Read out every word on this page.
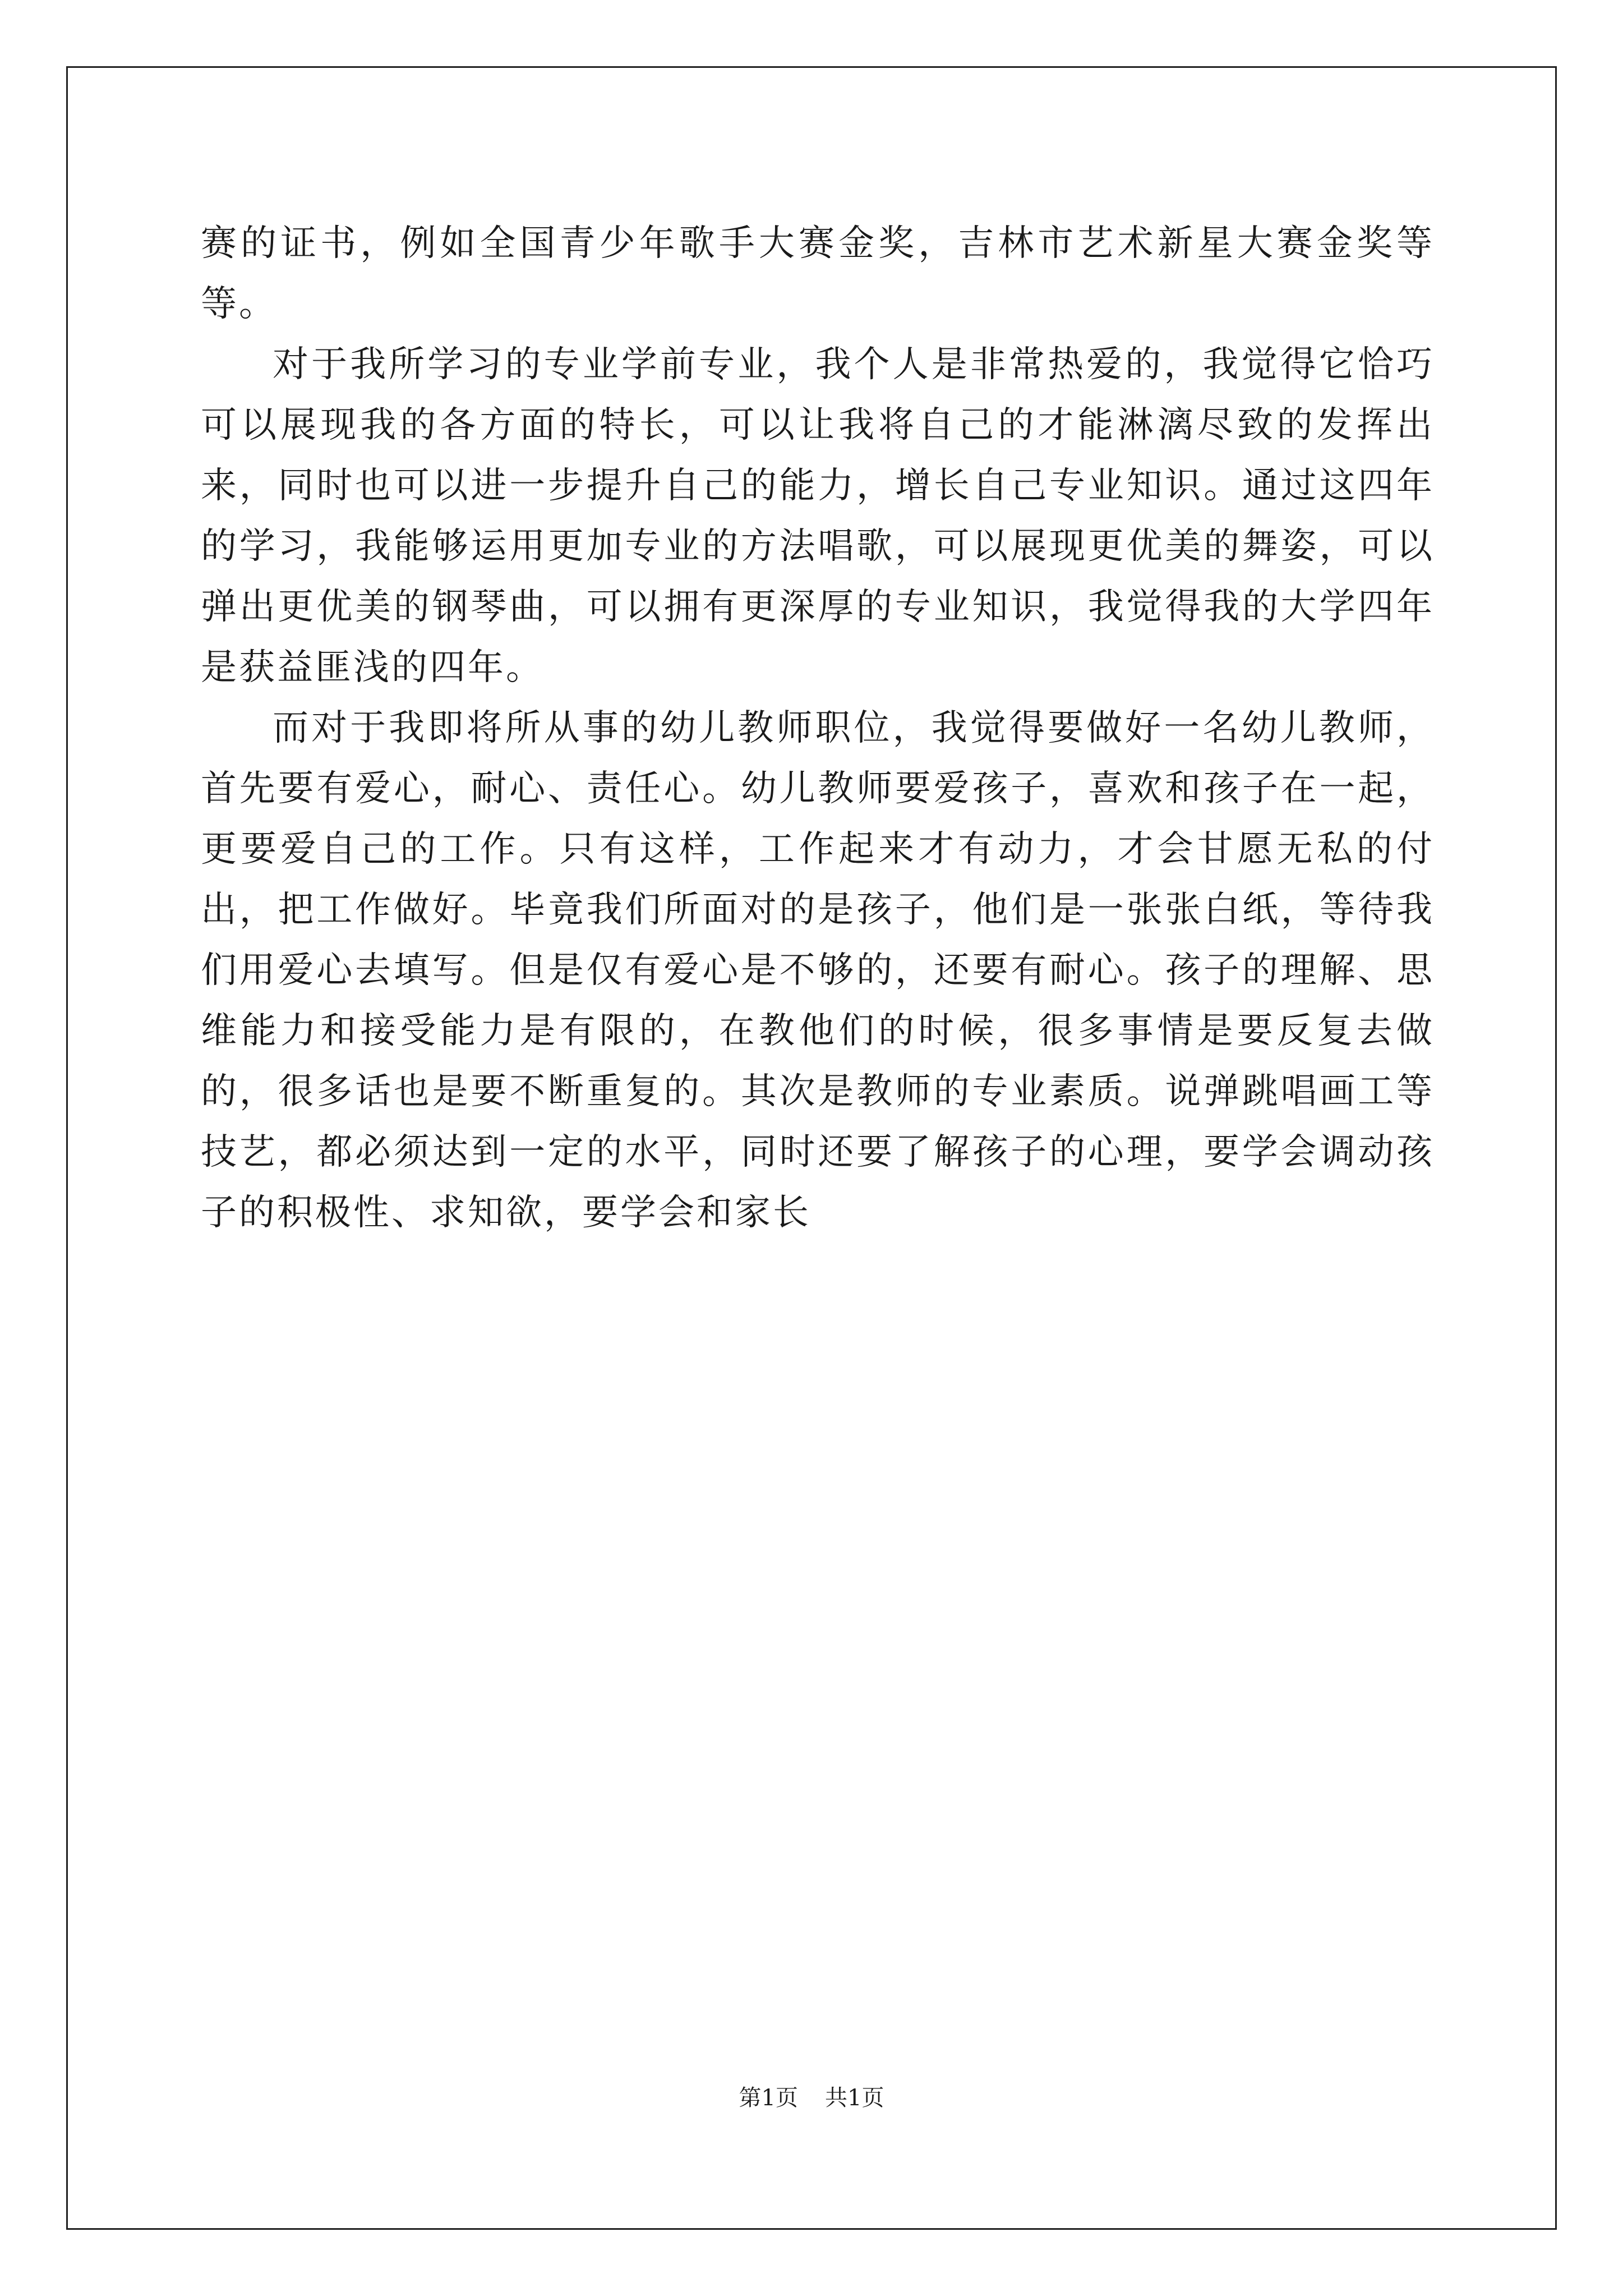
赛的证书，例如全国青少年歌手大赛金奖，吉林市艺术新星大赛金奖等等。

对于我所学习的专业学前专业，我个人是非常热爱的，我觉得它恰巧可以展现我的各方面的特长，可以让我将自己的才能淋漓尽致的发挥出来，同时也可以进一步提升自己的能力，增长自己专业知识。通过这四年的学习，我能够运用更加专业的方法唱歌，可以展现更优美的舞姿，可以弹出更优美的钢琴曲，可以拥有更深厚的专业知识，我觉得我的大学四年是获益匪浅的四年。

而对于我即将所从事的幼儿教师职位，我觉得要做好一名幼儿教师，首先要有爱心，耐心、责任心。幼儿教师要爱孩子，喜欢和孩子在一起，更要爱自己的工作。只有这样，工作起来才有动力，才会甘愿无私的付出，把工作做好。毕竟我们所面对的是孩子，他们是一张张白纸，等待我们用爱心去填写。但是仅有爱心是不够的，还要有耐心。孩子的理解、思维能力和接受能力是有限的，在教他们的时候，很多事情是要反复去做的，很多话也是要不断重复的。其次是教师的专业素质。说弹跳唱画工等技艺，都必须达到一定的水平，同时还要了解孩子的心理，要学会调动孩子的积极性、求知欲，要学会和家长

第1页 共1页
